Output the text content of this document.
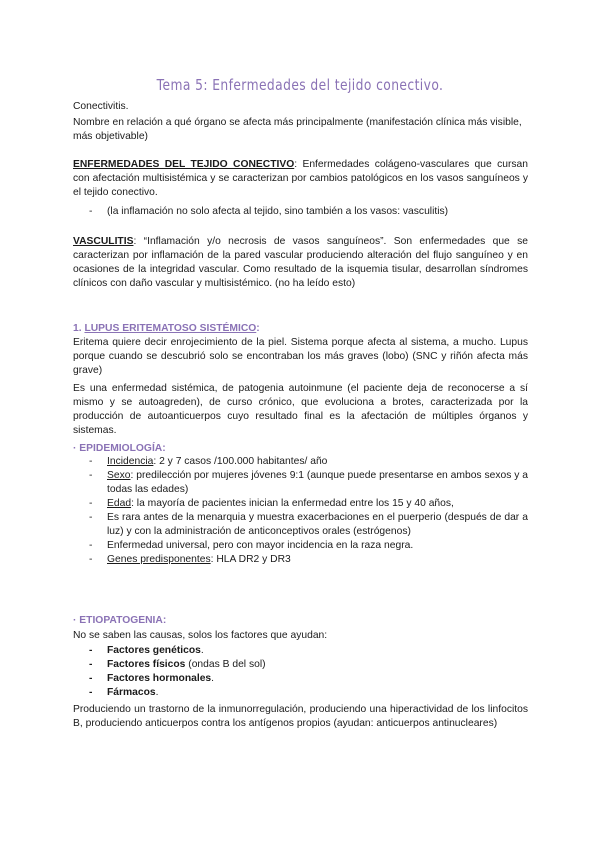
Tema 5: Enfermedades del tejido conectivo.
Conectivitis.
Nombre en relación a qué órgano se afecta más principalmente (manifestación clínica más visible, más objetivable)
ENFERMEDADES DEL TEJIDO CONECTIVO: Enfermedades colágeno-vasculares que cursan con afectación multisistémica y se caracterizan por cambios patológicos en los vasos sanguíneos y el tejido conectivo.
- (la inflamación no solo afecta al tejido, sino también a los vasos: vasculitis)
VASCULITIS: “Inflamación y/o necrosis de vasos sanguíneos”. Son enfermedades que se caracterizan por inflamación de la pared vascular produciendo alteración del flujo sanguíneo y en ocasiones de la integridad vascular. Como resultado de la isquemia tisular, desarrollan síndromes clínicos con daño vascular y multisistémico. (no ha leído esto)
1. LUPUS ERITEMATOSO SISTÉMICO:
Eritema quiere decir enrojecimiento de la piel. Sistema porque afecta al sistema, a mucho. Lupus porque cuando se descubrió solo se encontraban los más graves (lobo) (SNC y riñón afecta más grave)
Es una enfermedad sistémica, de patogenia autoinmune (el paciente deja de reconocerse a sí mismo y se autoagreden), de curso crónico, que evoluciona a brotes, caracterizada por la producción de autoanticuerpos cuyo resultado final es la afectación de múltiples órganos y sistemas.
· EPIDEMIOLOGÍA:
- Incidencia: 2 y 7 casos /100.000 habitantes/ año
- Sexo: predilección por mujeres jóvenes 9:1 (aunque puede presentarse en ambos sexos y a todas las edades)
- Edad: la mayoría de pacientes inician la enfermedad entre los 15 y 40 años,
- Es rara antes de la menarquia y muestra exacerbaciones en el puerperio (después de dar a luz) y con la administración de anticonceptivos orales (estrógenos)
- Enfermedad universal, pero con mayor incidencia en la raza negra.
- Genes predisponentes: HLA DR2 y DR3
· ETIOPATOGENIA:
No se saben las causas, solos los factores que ayudan:
- Factores genéticos.
- Factores físicos (ondas B del sol)
- Factores hormonales.
- Fármacos.
Produciendo un trastorno de la inmunorregulación, produciendo una hiperactividad de los linfocitos B, produciendo anticuerpos contra los antígenos propios (ayudan: anticuerpos antinucleares)
